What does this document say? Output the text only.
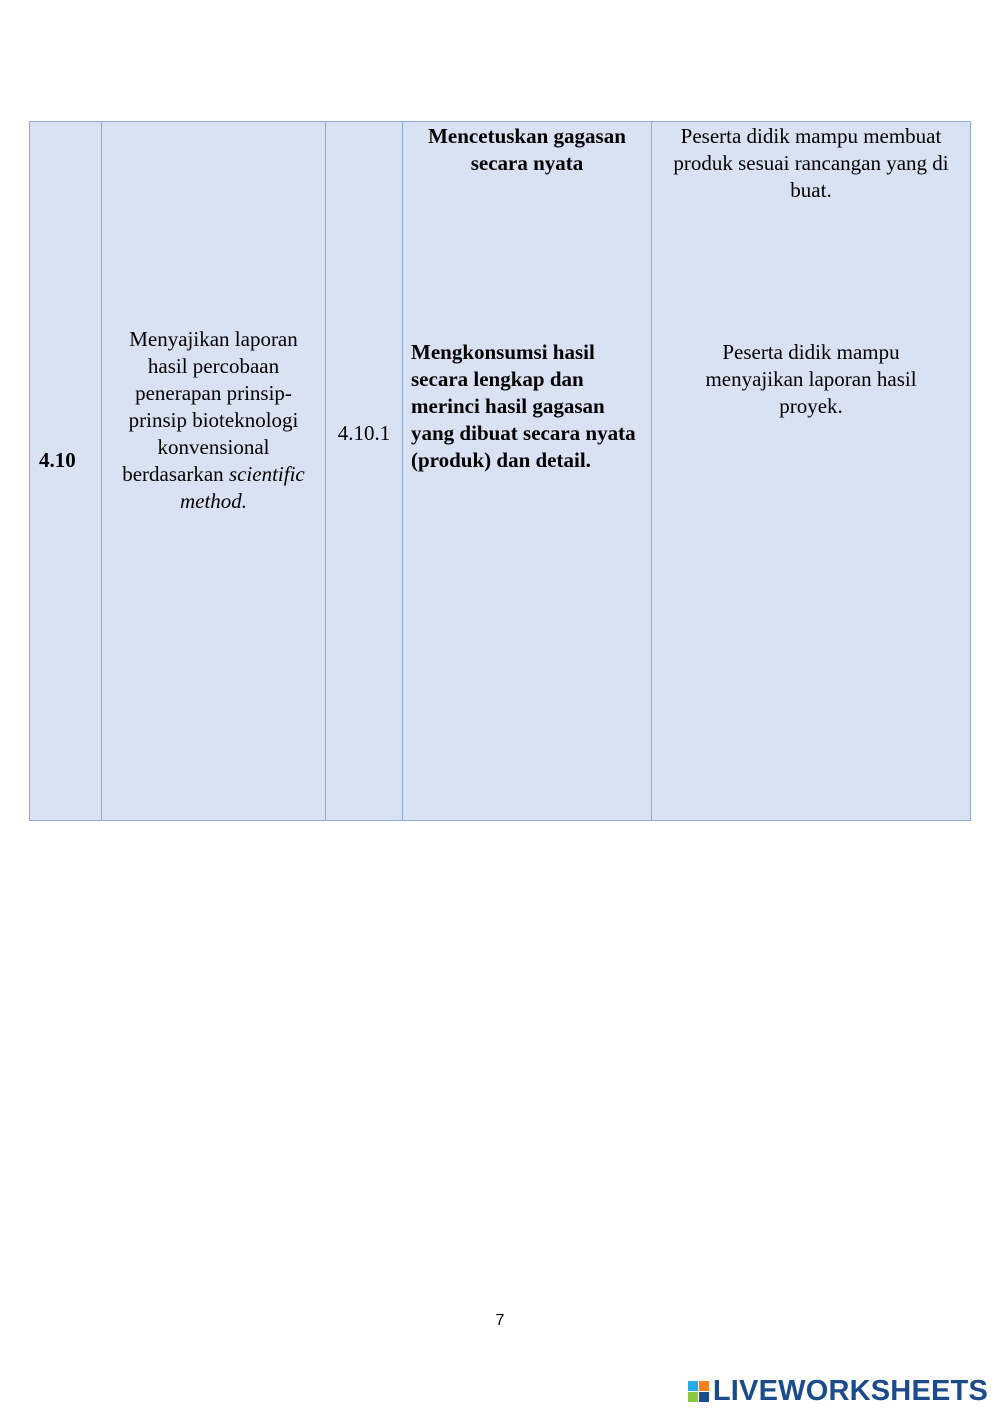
4.10
Menyajikan laporan hasil percobaan penerapan prinsip-prinsip bioteknologi konvensional berdasarkan scientific method.
4.10.1
Mencetuskan gagasan secara nyata
Mengkonsumsi hasil secara lengkap dan merinci hasil gagasan yang dibuat secara nyata (produk) dan detail.
Peserta didik mampu membuat produk sesuai rancangan yang di buat.
Peserta didik mampu menyajikan laporan hasil proyek.
7
LIVEWORKSHEETS
